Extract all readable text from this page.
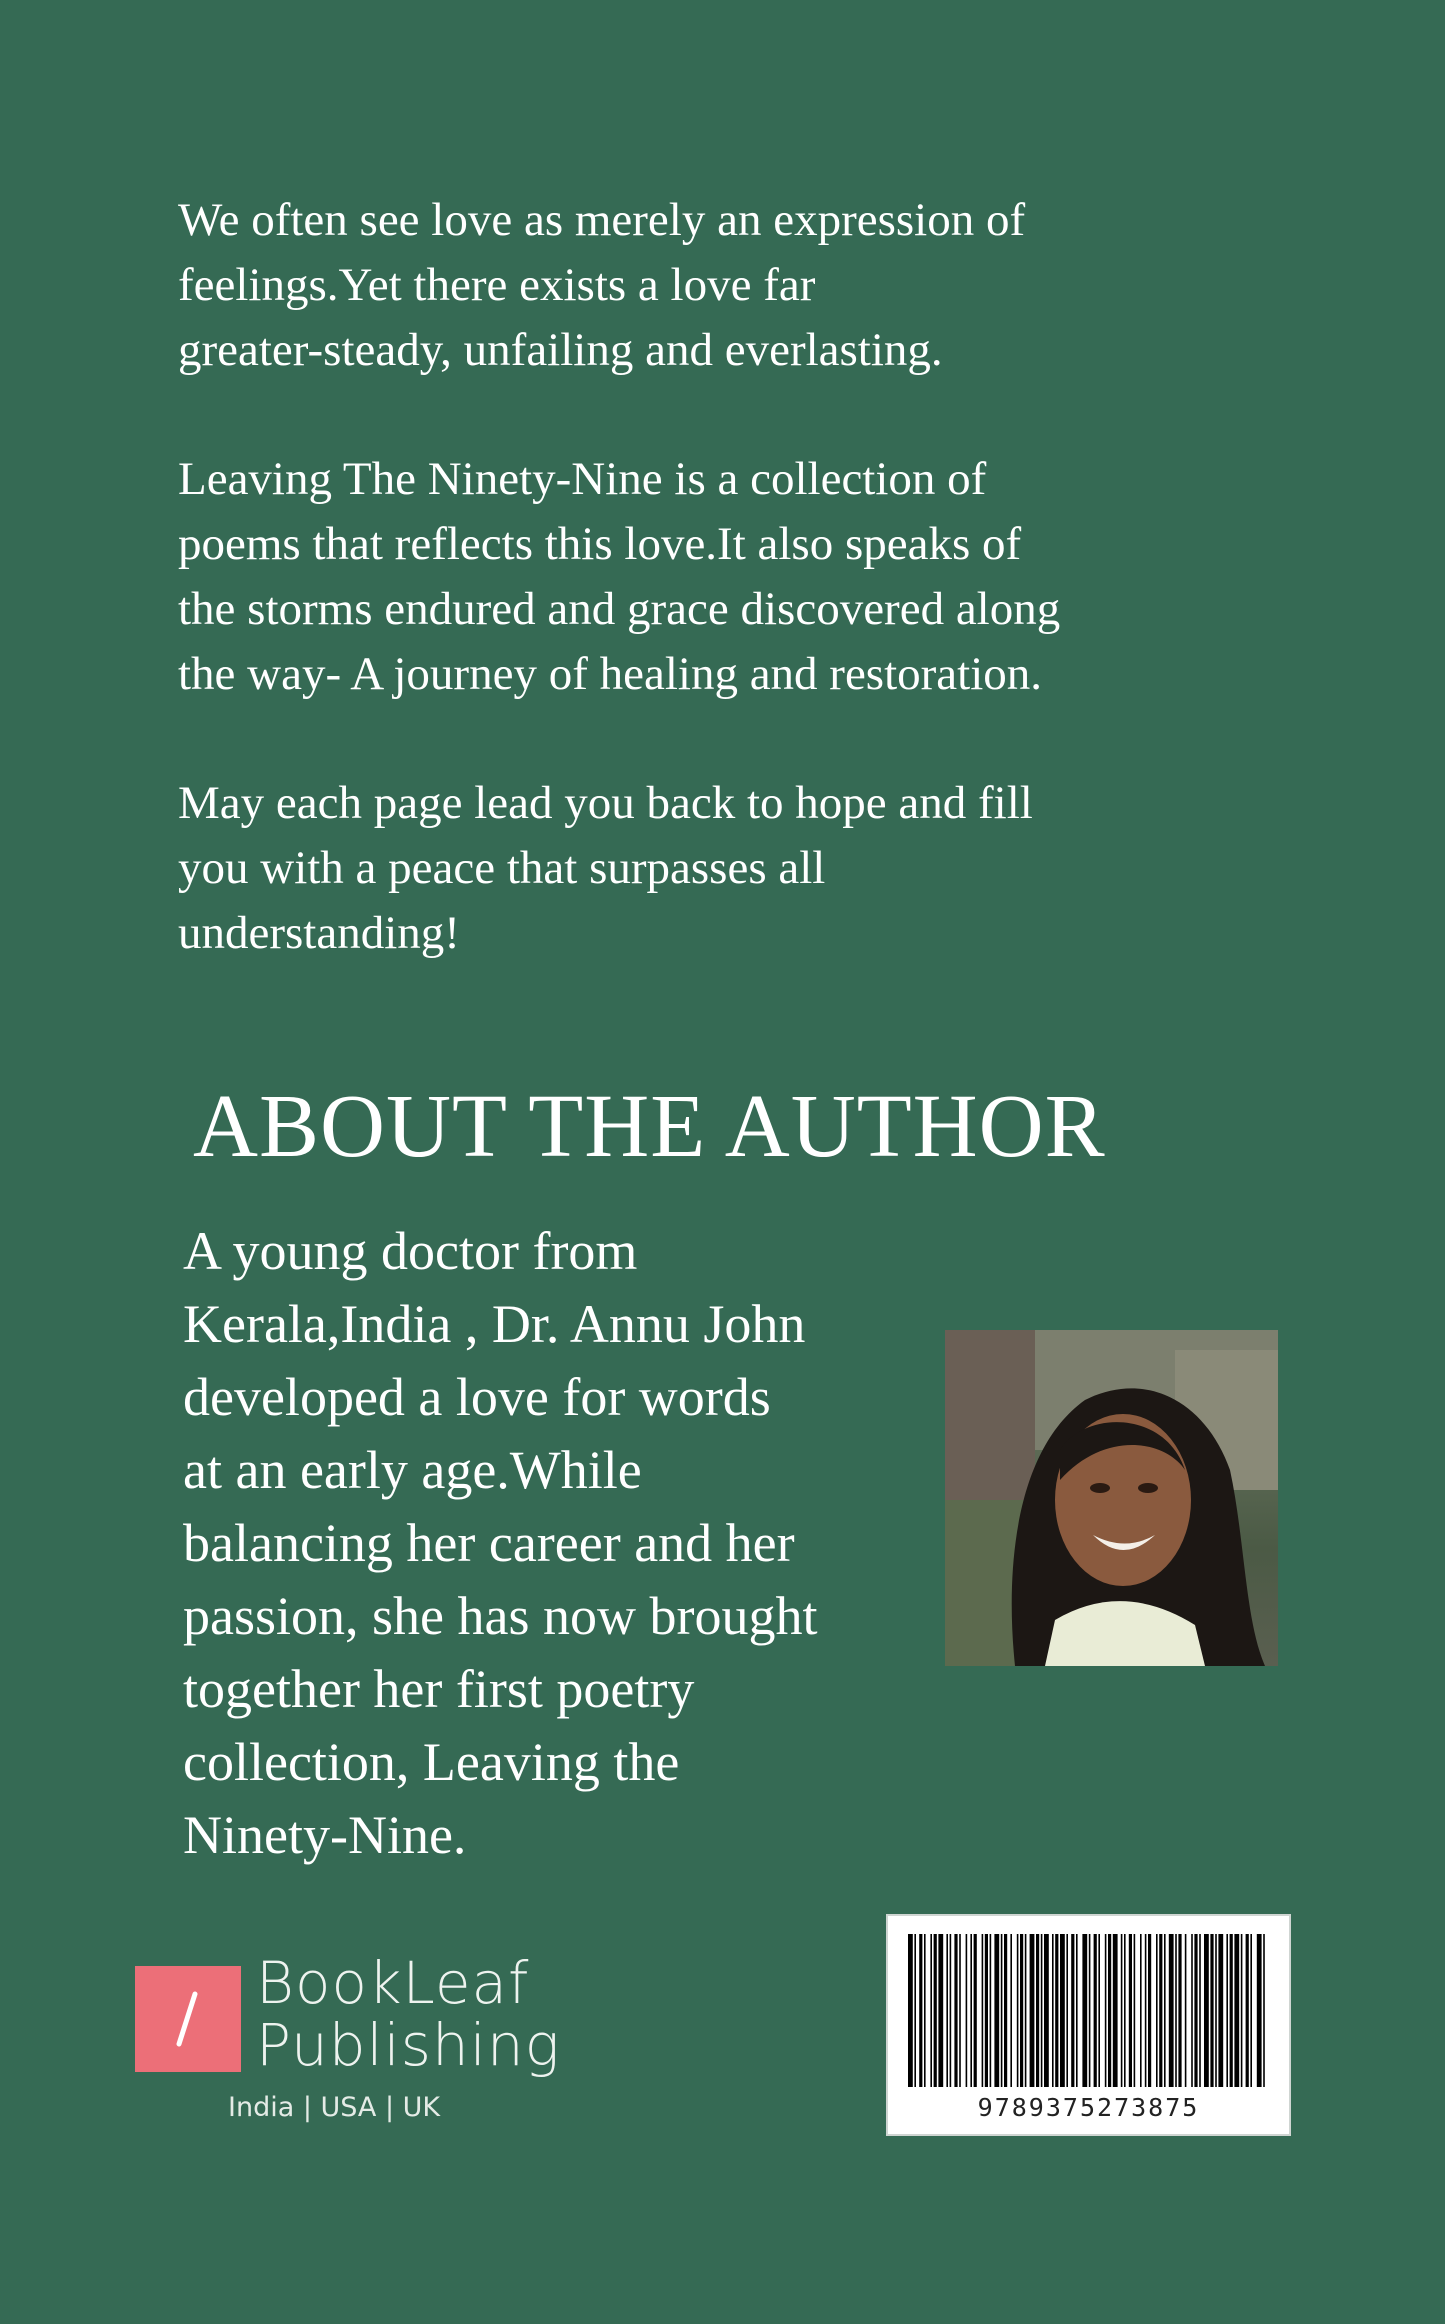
We often see love as merely an expression of
feelings.Yet there exists a love far
greater-steady, unfailing and everlasting.

Leaving The Ninety-Nine is a collection of
poems that reflects this love.It also speaks of
the storms endured and grace discovered along
the way- A journey of healing and restoration.

May each page lead you back to hope and fill
you with a peace that surpasses all
understanding!

ABOUT THE AUTHOR
A young doctor from
Kerala,India , Dr. Annu John
developed a love for words
at an early age.While
balancing her career and her
passion, she has now brought
together her first poetry
collection, Leaving the
Ninety-Nine.
BookLeaf
Publishing
India | USA | UK	9789375273875
